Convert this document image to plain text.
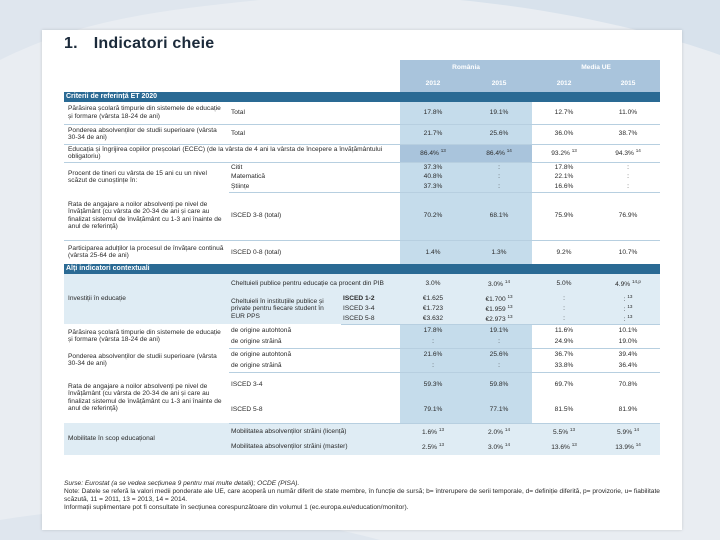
1. Indicatori cheie
			România		Media UE	
			2012	2015	2012	2015
Criterii de referință ET 2020						
Părăsirea școlară timpurie din sistemele de educație și formare (vârsta 18-24 de ani)	Total		17.8%	19.1%	12.7%	11.0%
Ponderea absolvenților de studii superioare (vârsta 30-34 de ani)	Total		21.7%	25.6%	36.0%	38.7%
Educația și îngrijirea copiilor preșcolari (ECEC) (de la vârsta de 4 ani la vârsta de începere a învățământului obligatoriu)			86.4% $^{13}$	86.4% $^{14}$	93.2% $^{13}$	94.3% $^{14}$
Procent de tineri cu vârsta de 15 ani cu un nivel scăzut de cunoștințe în:	Citit		37.3%	:	17.8%	:
	Matematică		40.8%	:	22.1%	:
	Științe		37.3%	:	16.6%	:
Rata de angajare a noilor absolvenți pe nivel de învățământ (cu vârsta de 20-34 de ani și care au finalizat sistemul de învățământ cu 1-3 ani înainte de anul de referință)	ISCED 3-8 (total)		70.2%	68.1%	75.9%	76.9%
Participarea adulților la procesul de învățare continuă (vârsta 25-64 de ani)	ISCED 0-8 (total)		1.4%	1.3%	9.2%	10.7%
Alți indicatori contextuali						
Investiții în educație	Cheltuieli publice pentru educație ca procent din PIB		3.0%	3.0% $^{14}$	5.0%	4.9% $^{14,p}$
	Cheltuieli în instituțiile publice și private pentru fiecare student în EUR PPS	ISCED 1-2	€1.625	€1.700 $^{13}$	:	: $^{13}$
		ISCED 3-4	€1.723	€1.959 $^{13}$	:	: $^{13}$
		ISCED 5-8	€3.632	€2.973 $^{13}$	:	: $^{13}$
Părăsirea școlară timpurie din sistemele de educație și formare (vârsta 18-24 de ani)	de origine autohtonă		17.8%	19.1%	11.6%	10.1%
	de origine străină		:	:	24.9%	19.0%
Ponderea absolvenților de studii superioare (vârsta 30-34 de ani)	de origine autohtonă		21.6%	25.6%	36.7%	39.4%
	de origine străină		:	:	33.8%	36.4%
Rata de angajare a noilor absolvenți pe nivel de învățământ (cu vârsta de 20-34 de ani și care au finalizat sistemul de învățământ cu 1-3 ani înainte de anul de referință)	ISCED 3-4		59.3%	59.8%	69.7%	70.8%
	ISCED 5-8		79.1%	77.1%	81.5%	81.9%
Mobilitate în scop educațional	Mobilitatea absolvenților străini (licență)		1.6% $^{13}$	2.0% $^{14}$	5.5% $^{13}$	5.9% $^{14}$
	Mobilitatea absolvenților străini (master)		2.5% $^{13}$	3.0% $^{14}$	13.6% $^{13}$	13.9% $^{14}$
Surse: Eurostat (a se vedea secțiunea 9 pentru mai multe detalii); OCDE (PISA).
Note: Datele se referă la valori medii ponderate ale UE, care acoperă un număr diferit de state membre, în funcție de sursă; b= întrerupere de serii temporale, d= definiție diferită, p= provizorie, u= fiabilitate scăzută, 11 = 2011, 13 = 2013, 14 = 2014.
Informații suplimentare pot fi consultate în secțiunea corespunzătoare din volumul 1 (ec.europa.eu/education/monitor).
